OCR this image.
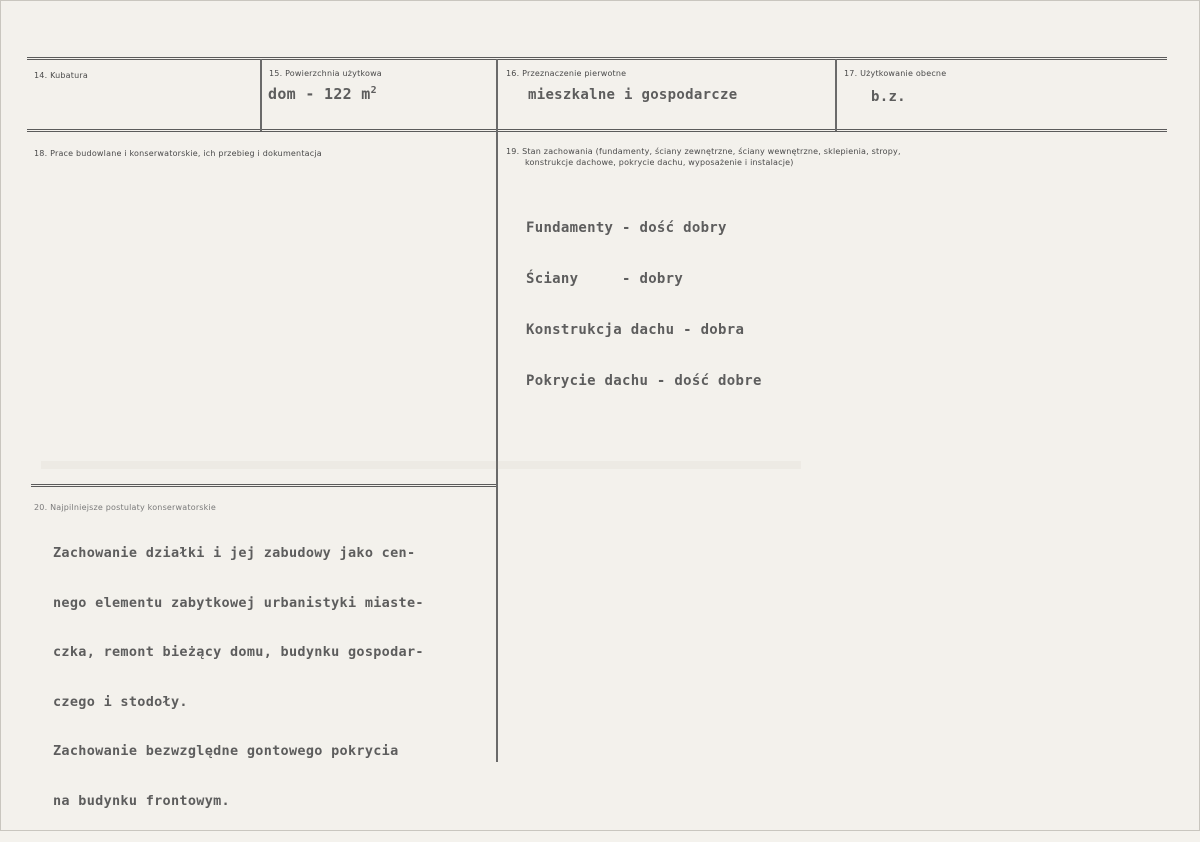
14. Kubatura	15. Powierzchnia użytkowa
dom - 122 $m^2$
16. Przeznaczenie pierwotne
mieszkalne i gospodarcze
17. Użytkowanie obecne
b.z.
18. Prace budowlane i konserwatorskie, ich przebieg i dokumentacja	19. Stan zachowania (fundamenty, ściany zewnętrzne, ściany wewnętrzne, sklepienia, stropy,
konstrukcje dachowe, pokrycie dachu, wyposażenie i instalacje)

Fundamenty - dość dobry

Ściany     - dobry

Konstrukcja dachu - dobra

Pokrycie dachu - dość dobre

20. Najpilniejsze postulaty konserwatorskie

Zachowanie działki i jej zabudowy jako cen-

nego elementu zabytkowej urbanistyki miaste-

czka, remont bieżący domu, budynku gospodar-

czego i stodoły.

Zachowanie bezwzględne gontowego pokrycia

na budynku frontowym.
